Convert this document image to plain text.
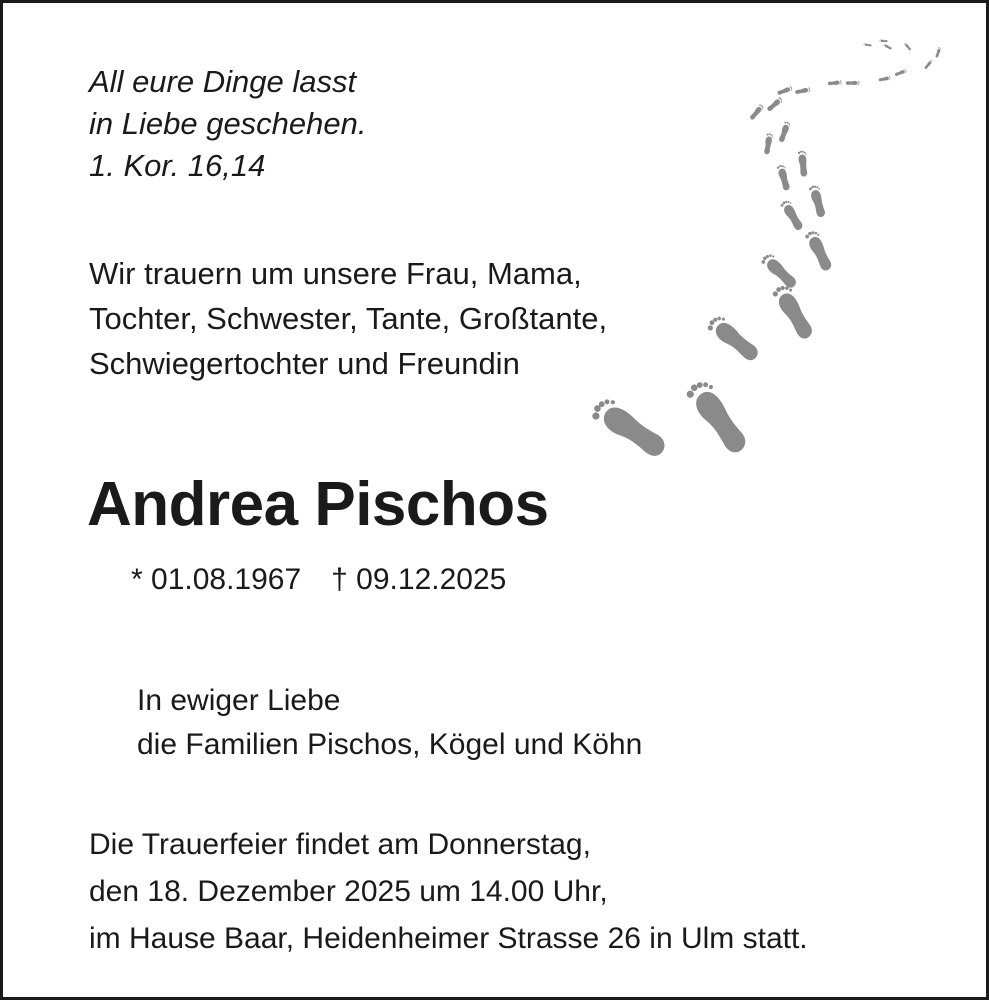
All eure Dinge lasst
in Liebe geschehen.
1. Kor. 16,14
Wir trauern um unsere Frau, Mama,
Tochter, Schwester, Tante, Großtante,
Schwiegertochter und Freundin
Andrea Pischos
* 01.08.1967 † 09.12.2025
In ewiger Liebe
die Familien Pischos, Kögel und Köhn
Die Trauerfeier findet am Donnerstag,
den 18. Dezember 2025 um 14.00 Uhr,
im Hause Baar, Heidenheimer Strasse 26 in Ulm statt.
